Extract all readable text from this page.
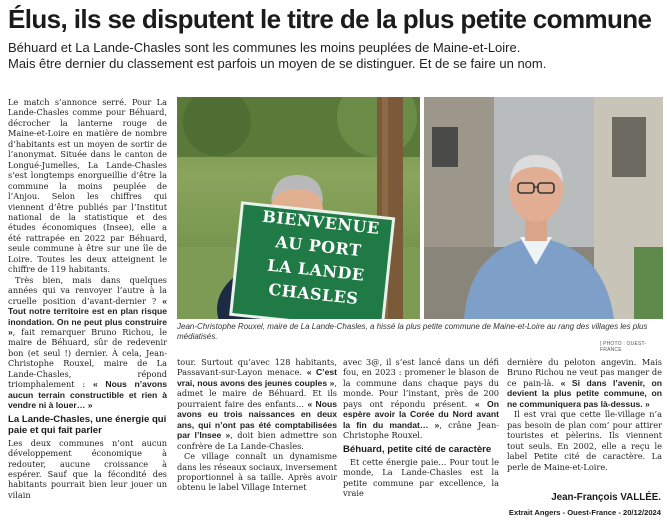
Élus, ils se disputent le titre de la plus petite commune

Béhuard et La Lande-Chasles sont les communes les moins peuplées de Maine-et-Loire.

Mais être dernier du classement est parfois un moyen de se distinguer. Et de se faire un nom.

Le match s’annonce serré. Pour La Lande-Chasles comme pour Béhuard, décrocher la lanterne rouge de Maine-et-Loire en matière de nombre d’habitants est un moyen de sortir de l’anonymat. Située dans le canton de Longué-Jumelles, La Lande-Chasles s’est longtemps enorgueillie d’être la commune la moins peuplée de l’Anjou. Selon les chiffres qui viennent d’être publiés par l’Institut national de la statistique et des études économiques (Insee), elle a été rattrapée en 2022 par Béhuard, seule commune à être sur une île de Loire. Toutes les deux atteignent le chiffre de 119 habitants.

Très bien, mais dans quelques années qui va renvoyer l’autre à la cruelle position d’avant-dernier ? « Tout notre territoire est en plan risque inondation. On ne peut plus construire », fait remarquer Bruno Richou, le maire de Béhuard, sûr de redevenir bon (et seul !) dernier. À cela, Jean-Christophe Rouxel, maire de La Lande-Chasles, répond triomphalement : « Nous n’avons aucun terrain constructible et rien à vendre ni à louer… »

La Lande-Chasles, une énergie qui paie et qui fait parler

Les deux communes n’ont aucun développement économique à redouter, aucune croissance à espérer. Sauf que la fécondité des habitants pourrait bien leur jouer un vilain

BIENVENUE
AU PORT
LA LANDE
CHASLES

Jean-Christophe Rouxel, maire de La Lande-Chasles, a hissé la plus petite commune de Maine-et-Loire au rang des villages les plus médiatisés.

| PHOTO : OUEST-FRANCE

tour. Surtout qu’avec 128 habitants, Passavant-sur-Layon menace. « C’est vrai, nous avons des jeunes couples », admet le maire de Béhuard. Et ils pourraient faire des enfants… « Nous avons eu trois naissances en deux ans, qui n’ont pas été comptabilisées par l’Insee », doit bien admettre son confrère de La Lande-Chasles.

Ce village connaît un dynamisme dans les réseaux sociaux, inversement proportionnel à sa taille. Après avoir obtenu le label Village Internet

avec 3@, il s’est lancé dans un défi fou, en 2023 : promener le blason de la commune dans chaque pays du monde. Pour l’instant, près de 200 pays ont répondu présent. « On espère avoir la Corée du Nord avant la fin du mandat… », crâne Jean-Christophe Rouxel.

Béhuard, petite cité de caractère

Et cette énergie paie… Pour tout le monde, La Lande-Chasles est la petite commune par excellence, la vraie

dernière du peloton angevin. Mais Bruno Richou ne veut pas manger de ce pain-là. « Si dans l’avenir, on devient la plus petite commune, on ne communiquera pas là-dessus. »

Il est vrai que cette île-village n’a pas besoin de plan com’ pour attirer touristes et pèlerins. Ils viennent tout seuls. En 2002, elle a reçu le label Petite cité de caractère. La perle de Maine-et-Loire.

Jean-François VALLÉE.
Extrait Angers - Ouest-France - 20/12/2024
